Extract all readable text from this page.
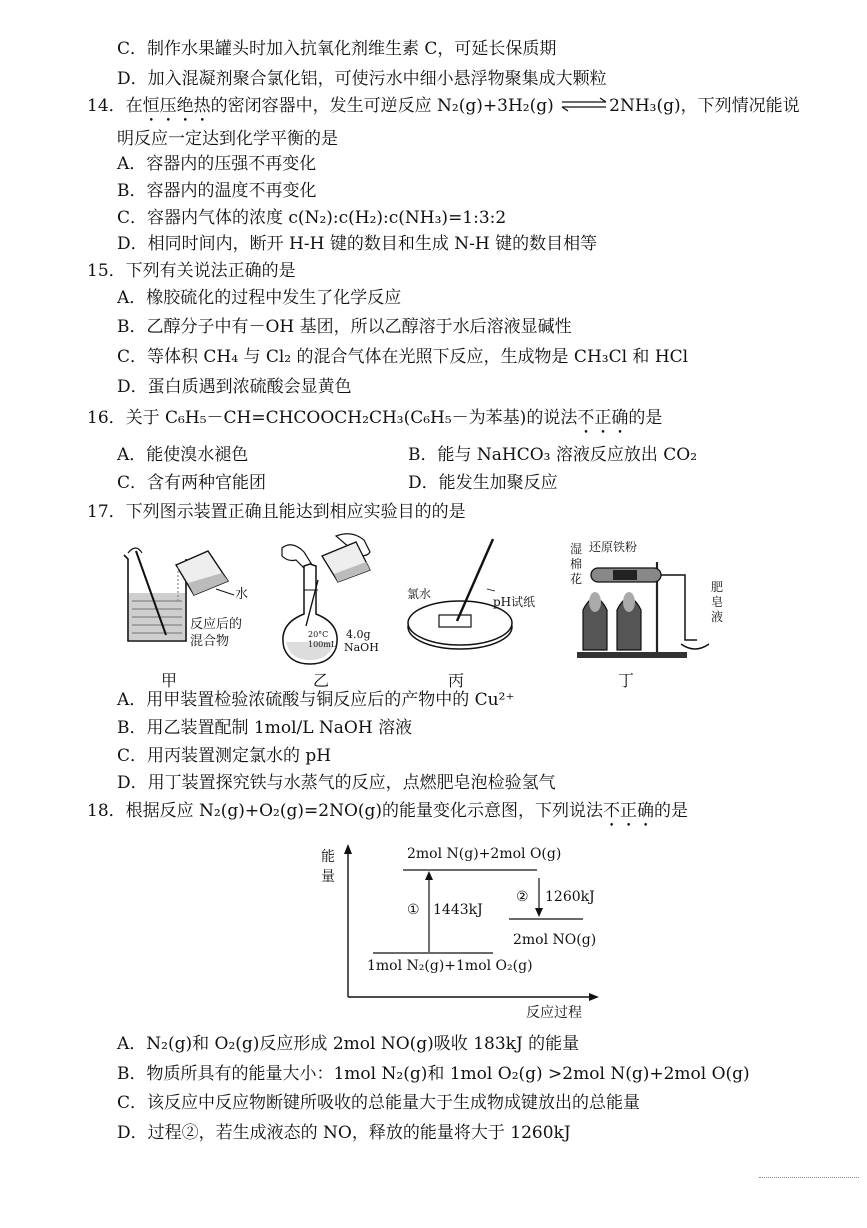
C．制作水果罐头时加入抗氧化剂维生素 C，可延长保质期
D．加入混凝剂聚合氯化铝，可使污水中细小悬浮物聚集成大颗粒
14．在恒压绝热的密闭容器中，发生可逆反应 N₂(g)+3H₂(g) ⇌2NH₃(g)，下列情况能说
明反应一定达到化学平衡的是
A．容器内的压强不再变化
B．容器内的温度不再变化
C．容器内气体的浓度 c(N₂):c(H₂):c(NH₃)=1:3:2
D．相同时间内，断开 H-H 键的数目和生成 N-H 键的数目相等
15．下列有关说法正确的是
A．橡胶硫化的过程中发生了化学反应
B．乙醇分子中有－OH 基团，所以乙醇溶于水后溶液显碱性
C．等体积 CH₄ 与 Cl₂ 的混合气体在光照下反应，生成物是 CH₃Cl 和 HCl
D．蛋白质遇到浓硫酸会显黄色
16．关于 C₆H₅－CH=CHCOOCH₂CH₃(C₆H₅－为苯基)的说法不正确的是
A．能使溴水褪色	B．能与 NaHCO₃ 溶液反应放出 CO₂
C．含有两种官能团	D．能发生加聚反应
17．下列图示装置正确且能达到相应实验目的的是
水
反应后的
混合物
甲
20°C
100mL
4.0g
NaOH
乙
氯水
pH试纸
丙
湿
棉
花
还原铁粉
肥
皂
液
丁
A．用甲装置检验浓硫酸与铜反应后的产物中的 Cu²⁺
B．用乙装置配制 1mol/L NaOH 溶液
C．用丙装置测定氯水的 pH
D．用丁装置探究铁与水蒸气的反应，点燃肥皂泡检验氢气
18．根据反应 N₂(g)+O₂(g)=2NO(g)的能量变化示意图，下列说法不正确的是
能
量
2mol N(g)+2mol O(g)
① 1443kJ
② 1260kJ
2mol NO(g)
1mol N₂(g)+1mol O₂(g)
反应过程
A．N₂(g)和 O₂(g)反应形成 2mol NO(g)吸收 183kJ 的能量
B．物质所具有的能量大小：1mol N₂(g)和 1mol O₂(g) >2mol N(g)+2mol O(g)
C．该反应中反应物断键所吸收的总能量大于生成物成键放出的总能量
D．过程②，若生成液态的 NO，释放的能量将大于 1260kJ
